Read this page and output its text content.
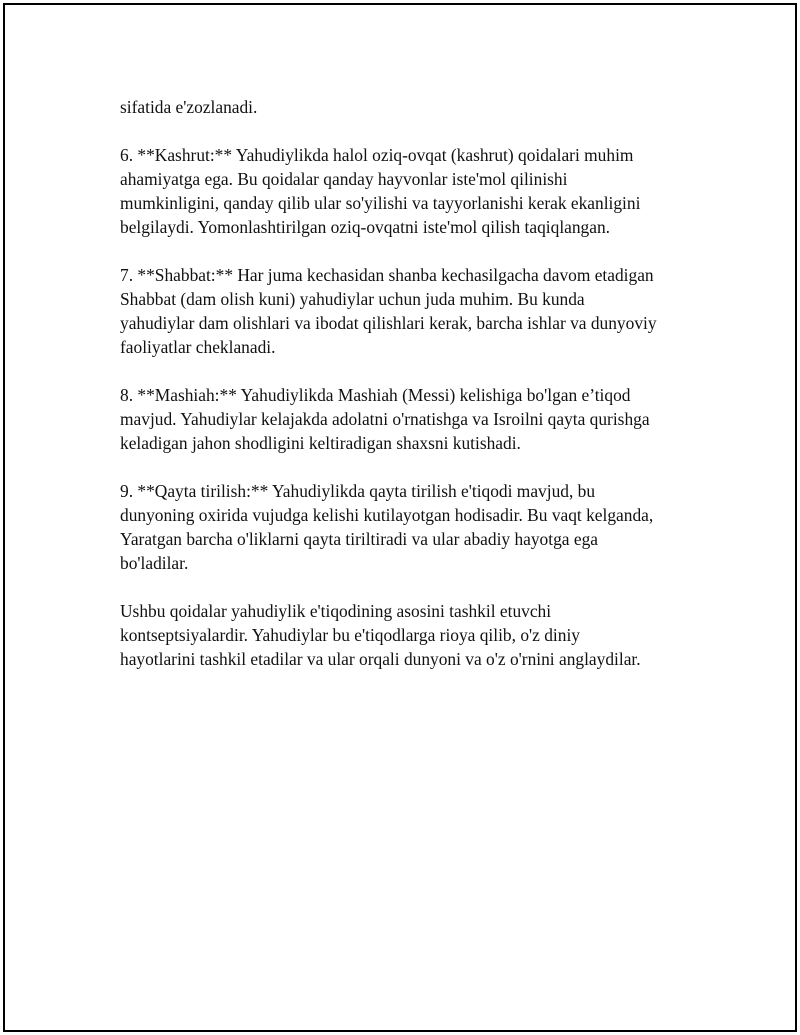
sifatida e'zozlanadi.

6. **Kashrut:** Yahudiylikda halol oziq-ovqat (kashrut) qoidalari muhim
ahamiyatga ega. Bu qoidalar qanday hayvonlar iste'mol qilinishi
mumkinligini, qanday qilib ular so'yilishi va tayyorlanishi kerak ekanligini
belgilaydi. Yomonlashtirilgan oziq-ovqatni iste'mol qilish taqiqlangan.

7. **Shabbat:** Har juma kechasidan shanba kechasilgacha davom etadigan
Shabbat (dam olish kuni) yahudiylar uchun juda muhim. Bu kunda
yahudiylar dam olishlari va ibodat qilishlari kerak, barcha ishlar va dunyoviy
faoliyatlar cheklanadi.

8. **Mashiah:** Yahudiylikda Mashiah (Messi) kelishiga bo'lgan e’tiqod
mavjud. Yahudiylar kelajakda adolatni o'rnatishga va Isroilni qayta qurishga
keladigan jahon shodligini keltiradigan shaxsni kutishadi.

9. **Qayta tirilish:** Yahudiylikda qayta tirilish e'tiqodi mavjud, bu
dunyoning oxirida vujudga kelishi kutilayotgan hodisadir. Bu vaqt kelganda,
Yaratgan barcha o'liklarni qayta tiriltiradi va ular abadiy hayotga ega
bo'ladilar.

Ushbu qoidalar yahudiylik e'tiqodining asosini tashkil etuvchi
kontseptsiyalardir. Yahudiylar bu e'tiqodlarga rioya qilib, o'z diniy
hayotlarini tashkil etadilar va ular orqali dunyoni va o'z o'rnini anglaydilar.
